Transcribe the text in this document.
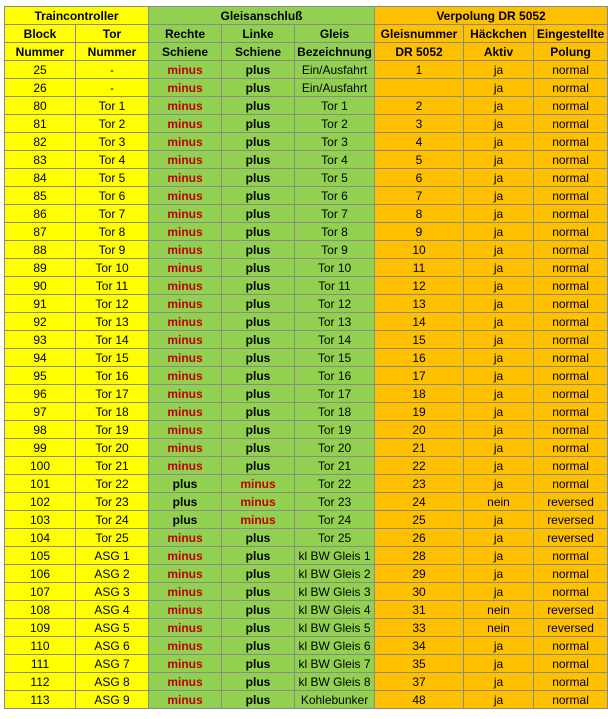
Traincontroller		Gleisanschluß			Verpolung DR 5052		
Block	Tor	Rechte	Linke	Gleis	Gleisnummer	Häckchen	Eingestellte
Nummer	Nummer	Schiene	Schiene	Bezeichnung	DR 5052	Aktiv	Polung
25	-	minus	plus	Ein/Ausfahrt	1	ja	normal
26	-	minus	plus	Ein/Ausfahrt		ja	normal
80	Tor 1	minus	plus	Tor 1	2	ja	normal
81	Tor 2	minus	plus	Tor 2	3	ja	normal
82	Tor 3	minus	plus	Tor 3	4	ja	normal
83	Tor 4	minus	plus	Tor 4	5	ja	normal
84	Tor 5	minus	plus	Tor 5	6	ja	normal
85	Tor 6	minus	plus	Tor 6	7	ja	normal
86	Tor 7	minus	plus	Tor 7	8	ja	normal
87	Tor 8	minus	plus	Tor 8	9	ja	normal
88	Tor 9	minus	plus	Tor 9	10	ja	normal
89	Tor 10	minus	plus	Tor 10	11	ja	normal
90	Tor 11	minus	plus	Tor 11	12	ja	normal
91	Tor 12	minus	plus	Tor 12	13	ja	normal
92	Tor 13	minus	plus	Tor 13	14	ja	normal
93	Tor 14	minus	plus	Tor 14	15	ja	normal
94	Tor 15	minus	plus	Tor 15	16	ja	normal
95	Tor 16	minus	plus	Tor 16	17	ja	normal
96	Tor 17	minus	plus	Tor 17	18	ja	normal
97	Tor 18	minus	plus	Tor 18	19	ja	normal
98	Tor 19	minus	plus	Tor 19	20	ja	normal
99	Tor 20	minus	plus	Tor 20	21	ja	normal
100	Tor 21	minus	plus	Tor 21	22	ja	normal
101	Tor 22	plus	minus	Tor 22	23	ja	normal
102	Tor 23	plus	minus	Tor 23	24	nein	reversed
103	Tor 24	plus	minus	Tor 24	25	ja	reversed
104	Tor 25	minus	plus	Tor 25	26	ja	reversed
105	ASG 1	minus	plus	kl BW Gleis 1	28	ja	normal
106	ASG 2	minus	plus	kl BW Gleis 2	29	ja	normal
107	ASG 3	minus	plus	kl BW Gleis 3	30	ja	normal
108	ASG 4	minus	plus	kl BW Gleis 4	31	nein	reversed
109	ASG 5	minus	plus	kl BW Gleis 5	33	nein	reversed
110	ASG 6	minus	plus	kl BW Gleis 6	34	ja	normal
111	ASG 7	minus	plus	kl BW Gleis 7	35	ja	normal
112	ASG 8	minus	plus	kl BW Gleis 8	37	ja	normal
113	ASG 9	minus	plus	Kohlebunker	48	ja	normal
